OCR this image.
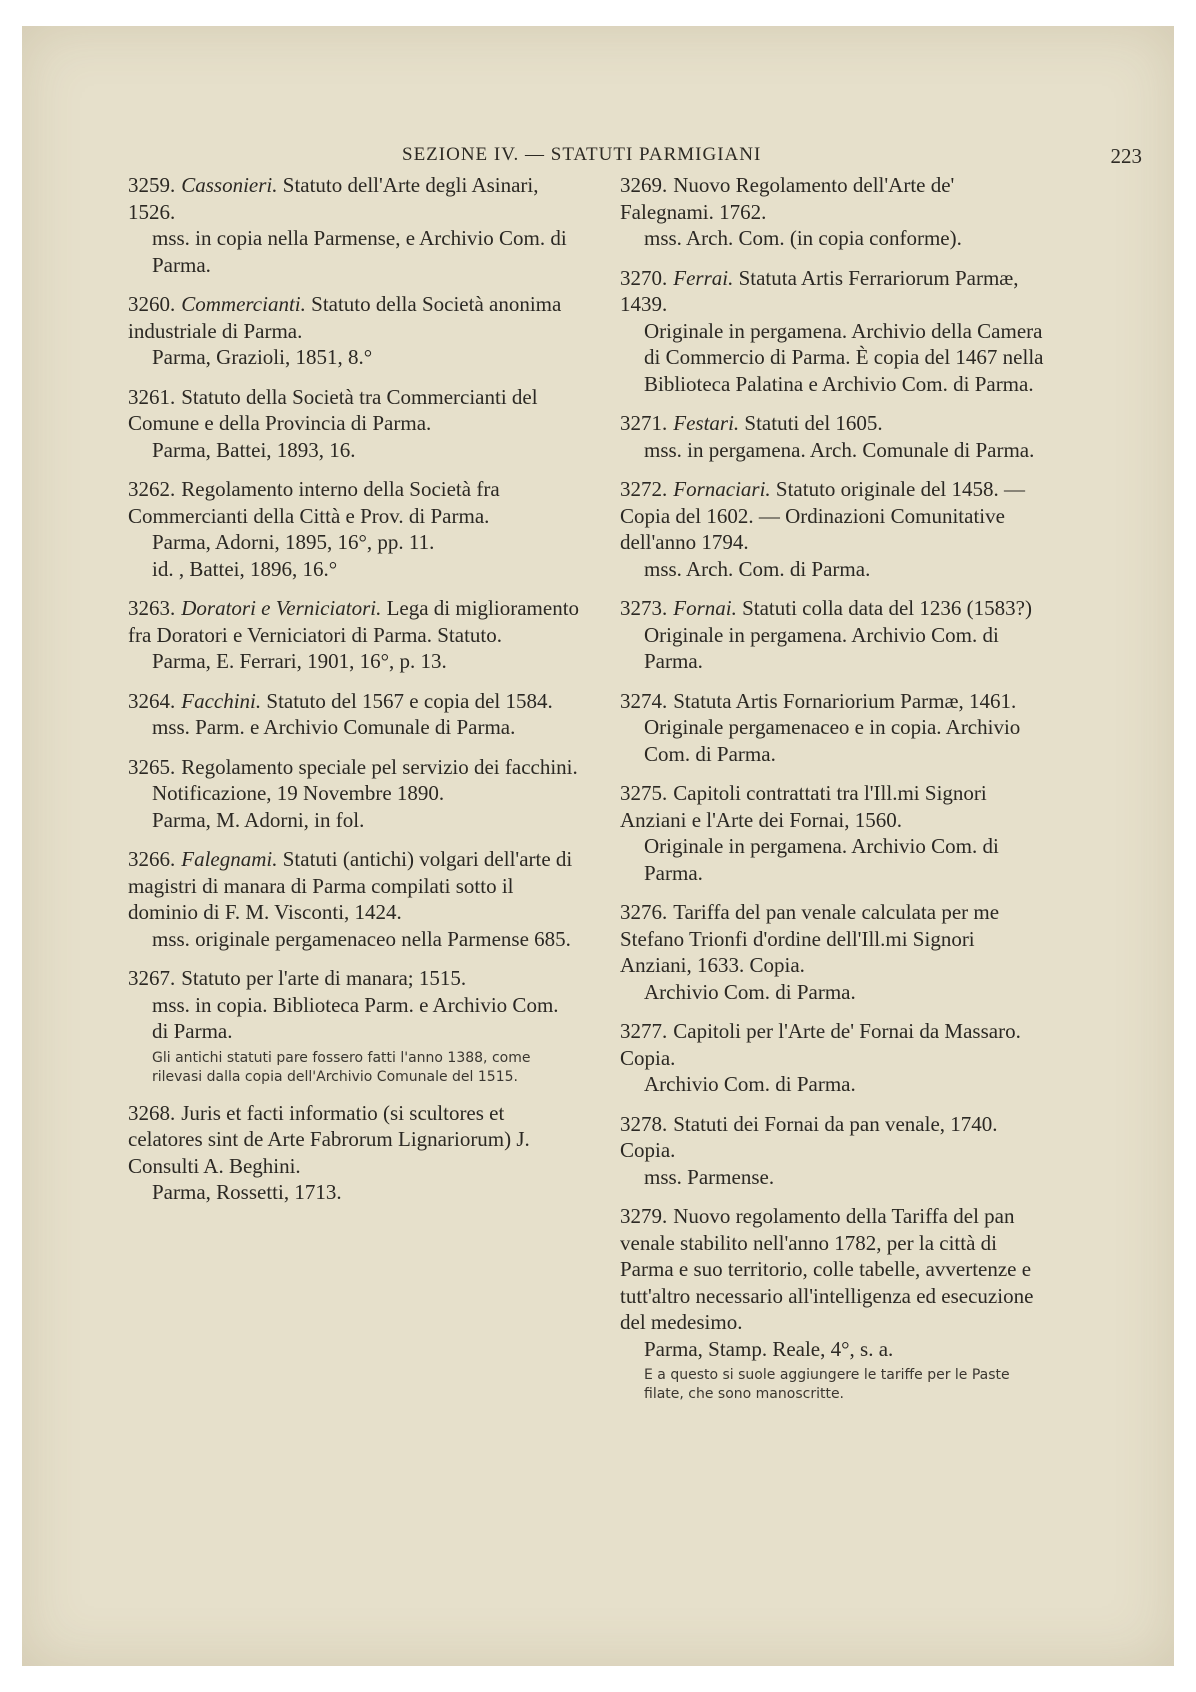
SEZIONE IV. — STATUTI PARMIGIANI	223
3259. Cassonieri. Statuto dell'Arte degli Asinari, 1526.
mss. in copia nella Parmense, e Archivio Com. di Parma.
3260. Commercianti. Statuto della Società anonima industriale di Parma.
Parma, Grazioli, 1851, 8.°
3261. Statuto della Società tra Commercianti del Comune e della Provincia di Parma.
Parma, Battei, 1893, 16.
3262. Regolamento interno della Società fra Commercianti della Città e Prov. di Parma.
Parma, Adorni, 1895, 16°, pp. 11.
id. , Battei, 1896, 16.°
3263. Doratori e Verniciatori. Lega di miglioramento fra Doratori e Verniciatori di Parma. Statuto.
Parma, E. Ferrari, 1901, 16°, p. 13.
3264. Facchini. Statuto del 1567 e copia del 1584.
mss. Parm. e Archivio Comunale di Parma.
3265. Regolamento speciale pel servizio dei facchini.
Notificazione, 19 Novembre 1890.
Parma, M. Adorni, in fol.
3266. Falegnami. Statuti (antichi) volgari dell'arte di magistri di manara di Parma compilati sotto il dominio di F. M. Visconti, 1424.
mss. originale pergamenaceo nella Parmense 685.
3267. Statuto per l'arte di manara; 1515.
mss. in copia. Biblioteca Parm. e Archivio Com. di Parma.
Gli antichi statuti pare fossero fatti l'anno 1388, come rilevasi dalla copia dell'Archivio Comunale del 1515.
3268. Juris et facti informatio (si scultores et celatores sint de Arte Fabrorum Lignariorum) J. Consulti A. Beghini.
Parma, Rossetti, 1713.
3269. Nuovo Regolamento dell'Arte de' Falegnami. 1762.
mss. Arch. Com. (in copia conforme).
3270. Ferrai. Statuta Artis Ferrariorum Parmæ, 1439.
Originale in pergamena. Archivio della Camera di Commercio di Parma. È copia del 1467 nella Biblioteca Palatina e Archivio Com. di Parma.
3271. Festari. Statuti del 1605.
mss. in pergamena. Arch. Comunale di Parma.
3272. Fornaciari. Statuto originale del 1458. — Copia del 1602. — Ordinazioni Comunitative dell'anno 1794.
mss. Arch. Com. di Parma.
3273. Fornai. Statuti colla data del 1236 (1583?)
Originale in pergamena. Archivio Com. di Parma.
3274. Statuta Artis Fornariorium Parmæ, 1461.
Originale pergamenaceo e in copia. Archivio Com. di Parma.
3275. Capitoli contrattati tra l'Ill.mi Signori Anziani e l'Arte dei Fornai, 1560.
Originale in pergamena. Archivio Com. di Parma.
3276. Tariffa del pan venale calculata per me Stefano Trionfi d'ordine dell'Ill.mi Signori Anziani, 1633. Copia.
Archivio Com. di Parma.
3277. Capitoli per l'Arte de' Fornai da Massaro. Copia.
Archivio Com. di Parma.
3278. Statuti dei Fornai da pan venale, 1740. Copia.
mss. Parmense.
3279. Nuovo regolamento della Tariffa del pan venale stabilito nell'anno 1782, per la città di Parma e suo territorio, colle tabelle, avvertenze e tutt'altro necessario all'intelligenza ed esecuzione del medesimo.
Parma, Stamp. Reale, 4°, s. a.
E a questo si suole aggiungere le tariffe per le Paste filate, che sono manoscritte.
